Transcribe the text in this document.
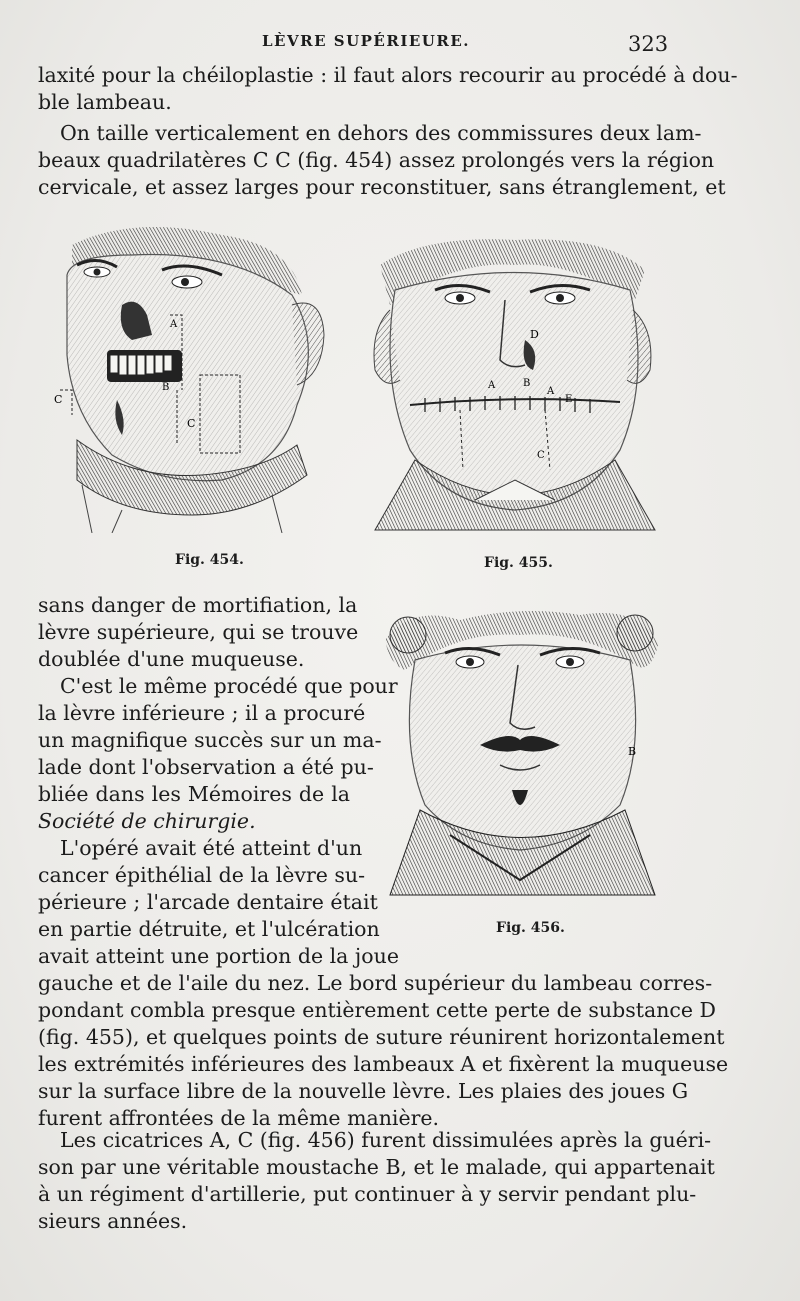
LÈVRE SUPÉRIEURE.	323
laxité pour la chéiloplastie : il faut alors recourir au procédé à dou-
ble lambeau.
On taille verticalement en dehors des commissures deux lam-
beaux quadrilatères C C (fig. 454) assez prolongés vers la région
cervicale, et assez larges pour reconstituer, sans étranglement, et
A
B
C
C
Fig. 454.
D
A	B
A
E
C
Fig. 455.
sans danger de mortifiation, la
lèvre supérieure, qui se trouve
doublée d'une muqueuse.
C'est le même procédé que pour
la lèvre inférieure ; il a procuré
un magnifique succès sur un ma-
lade dont l'observation a été pu-
bliée dans les Mémoires de la
Société de chirurgie.
B
Fig. 456.
L'opéré avait été atteint d'un
cancer épithélial de la lèvre su-
périeure ; l'arcade dentaire était
en partie détruite, et l'ulcération
avait atteint une portion de la joue
gauche et de l'aile du nez. Le bord supérieur du lambeau corres-
pondant combla presque entièrement cette perte de substance D
(fig. 455), et quelques points de suture réunirent horizontalement
les extrémités inférieures des lambeaux A et fixèrent la muqueuse
sur la surface libre de la nouvelle lèvre. Les plaies des joues G
furent affrontées de la même manière.
Les cicatrices A, C (fig. 456) furent dissimulées après la guéri-
son par une véritable moustache B, et le malade, qui appartenait
à un régiment d'artillerie, put continuer à y servir pendant plu-
sieurs années.
